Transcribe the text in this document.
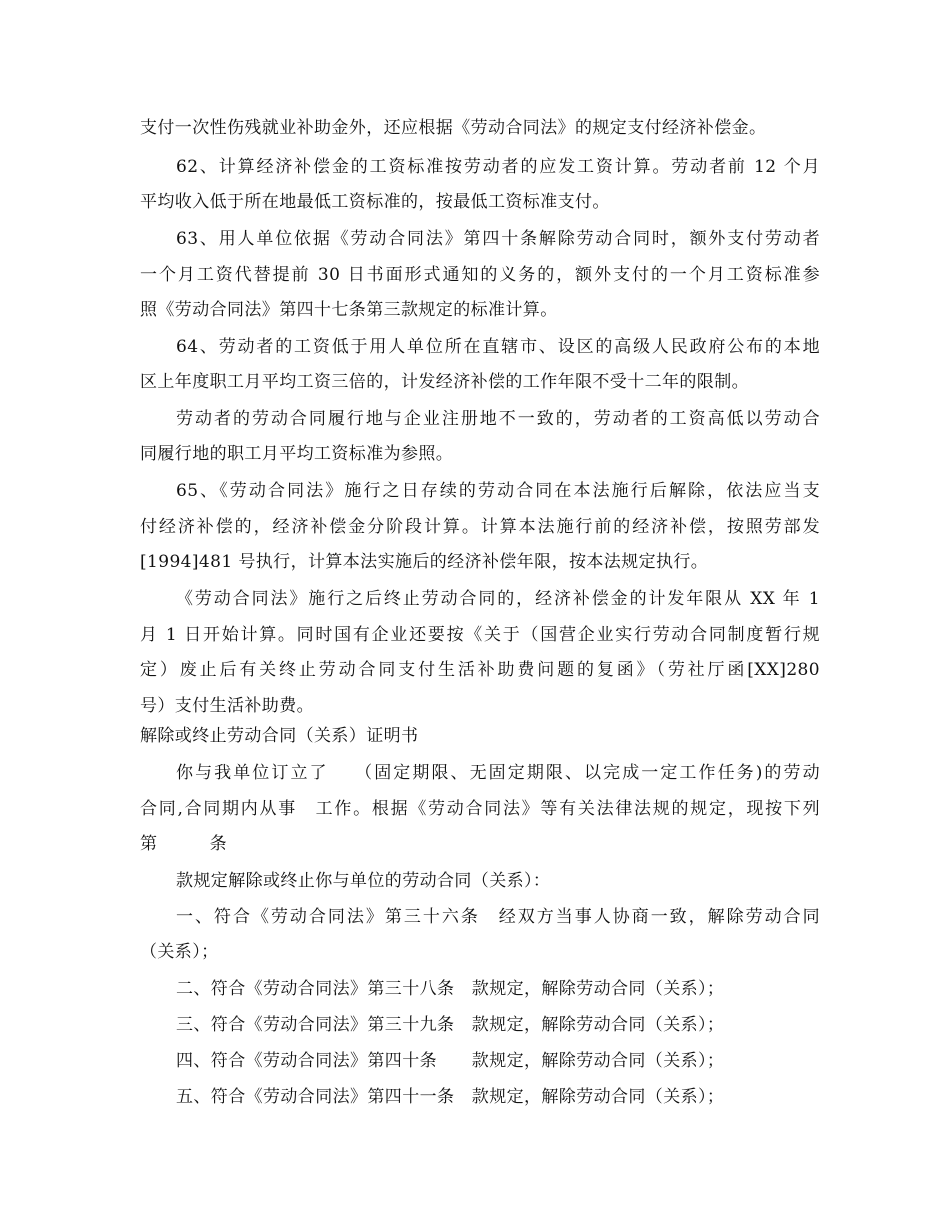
支付一次性伤残就业补助金外，还应根据《劳动合同法》的规定支付经济补偿金。
62、计算经济补偿金的工资标准按劳动者的应发工资计算。劳动者前 12 个月
平均收入低于所在地最低工资标准的，按最低工资标准支付。
63、用人单位依据《劳动合同法》第四十条解除劳动合同时，额外支付劳动者
一个月工资代替提前 30 日书面形式通知的义务的，额外支付的一个月工资标准参
照《劳动合同法》第四十七条第三款规定的标准计算。
64、劳动者的工资低于用人单位所在直辖市、设区的高级人民政府公布的本地
区上年度职工月平均工资三倍的，计发经济补偿的工作年限不受十二年的限制。
劳动者的劳动合同履行地与企业注册地不一致的，劳动者的工资高低以劳动合
同履行地的职工月平均工资标准为参照。
65、《劳动合同法》施行之日存续的劳动合同在本法施行后解除，依法应当支
付经济补偿的，经济补偿金分阶段计算。计算本法施行前的经济补偿，按照劳部发
[1994]481 号执行，计算本法实施后的经济补偿年限，按本法规定执行。
《劳动合同法》施行之后终止劳动合同的，经济补偿金的计发年限从 XX 年 1
月 1 日开始计算。同时国有企业还要按《关于（国营企业实行劳动合同制度暂行规
定）废止后有关终止劳动合同支付生活补助费问题的复函》（劳社厅函[XX]280
号）支付生活补助费。
解除或终止劳动合同（关系）证明书
你与我单位订立了　 （固定期限、无固定期限、以完成一定工作任务)的劳动
合同,合同期内从事　工作。根据《劳动合同法》等有关法律法规的规定，现按下列
第　　　条
款规定解除或终止你与单位的劳动合同（关系）：
一、符合《劳动合同法》第三十六条　经双方当事人协商一致，解除劳动合同
（关系）；
二、符合《劳动合同法》第三十八条　款规定，解除劳动合同（关系）；
三、符合《劳动合同法》第三十九条　款规定，解除劳动合同（关系）；
四、符合《劳动合同法》第四十条　　款规定，解除劳动合同（关系）；
五、符合《劳动合同法》第四十一条　款规定，解除劳动合同（关系）；
